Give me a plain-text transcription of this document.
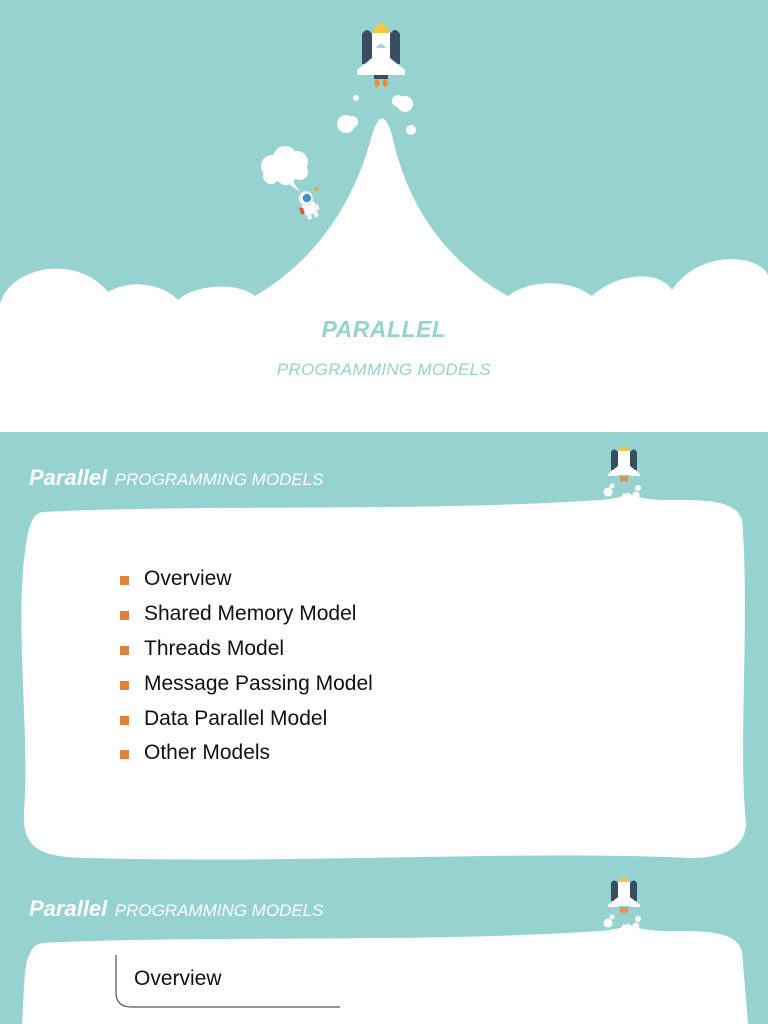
PARALLEL
PROGRAMMING MODELS
Parallel PROGRAMMING MODELS
Overview
Shared Memory Model
Threads Model
Message Passing Model
Data Parallel Model
Other Models
Parallel PROGRAMMING MODELS
Overview
